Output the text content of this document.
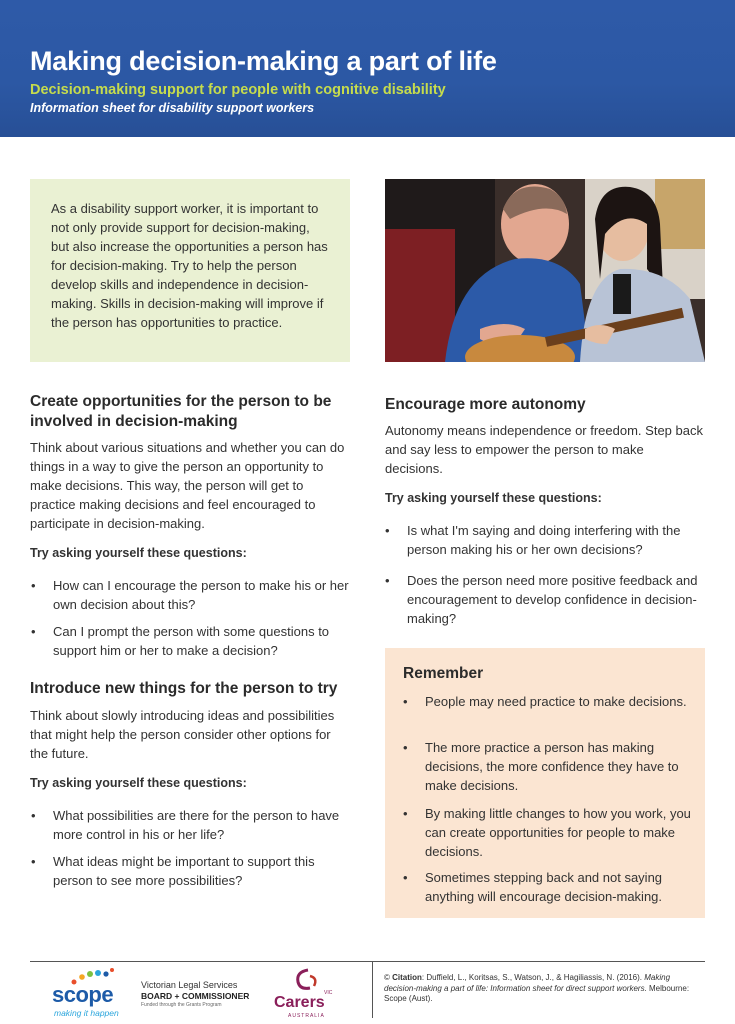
Making decision-making a part of life
Decision-making support for people with cognitive disability
Information sheet for disability support workers
As a disability support worker, it is important to not only provide support for decision-making, but also increase the opportunities a person has for decision-making. Try to help the person develop skills and independence in decision-making. Skills in decision-making will improve if the person has opportunities to practice.
Create opportunities for the person to be involved in decision-making
Think about various situations and whether you can do things in a way to give the person an opportunity to make decisions. This way, the person will get to practice making decisions and feel encouraged to participate in decision-making.
Try asking yourself these questions:
• How can I encourage the person to make his or her own decision about this?
• Can I prompt the person with some questions to support him or her to make a decision?
Introduce new things for the person to try
Think about slowly introducing ideas and possibilities that might help the person consider other options for the future.
Try asking yourself these questions:
• What possibilities are there for the person to have more control in his or her life?
• What ideas might be important to support this person to see more possibilities?
Encourage more autonomy
Autonomy means independence or freedom. Step back and say less to empower the person to make decisions.
Try asking yourself these questions:
• Is what I'm saying and doing interfering with the person making his or her own decisions?
• Does the person need more positive feedback and encouragement to develop confidence in decision-making?
Remember
• People may need practice to make decisions.
• The more practice a person has making decisions, the more confidence they have to make decisions.
• By making little changes to how you work, you can create opportunities for people to make decisions.
• Sometimes stepping back and not saying anything will encourage decision-making.
scope
making it happen
Victorian Legal Services
BOARD + COMMISSIONER
Funded through the Grants Program
VIC
Carers
AUSTRALIA
© Citation: Duffield, L., Koritsas, S., Watson, J., & Hagiliassis, N. (2016). Making decision-making a part of life: Information sheet for direct support workers. Melbourne: Scope (Aust).
